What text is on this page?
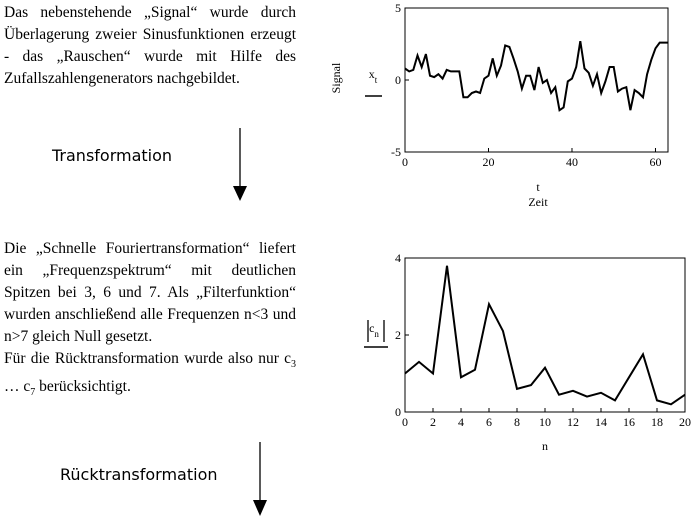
Das nebenstehende „Signal“ wurde durch Überlagerung zweier Sinusfunktionen erzeugt - das „Rauschen“ wurde mit Hilfe des Zufallszahlengenerators nachgebildet.

Transformation

Die „Schnelle Fouriertransformation“ liefert ein „Frequenzspektrum“ mit deutlichen Spitzen bei 3, 6 und 7. Als „Filterfunktion“ wurden anschließend alle Frequenzen n<3 und n>7 gleich Null gesetzt.

Für die Rücktransformation wurde also nur $c_3$ … $c_7$ berücksichtigt.

Rücktransformation
0	20	40	60
-5
0
5
Signal $x_t$
t
Zeit
0 2 4 6 8 10 12 14 16 18 20
0
2
4
$c_n$
n
